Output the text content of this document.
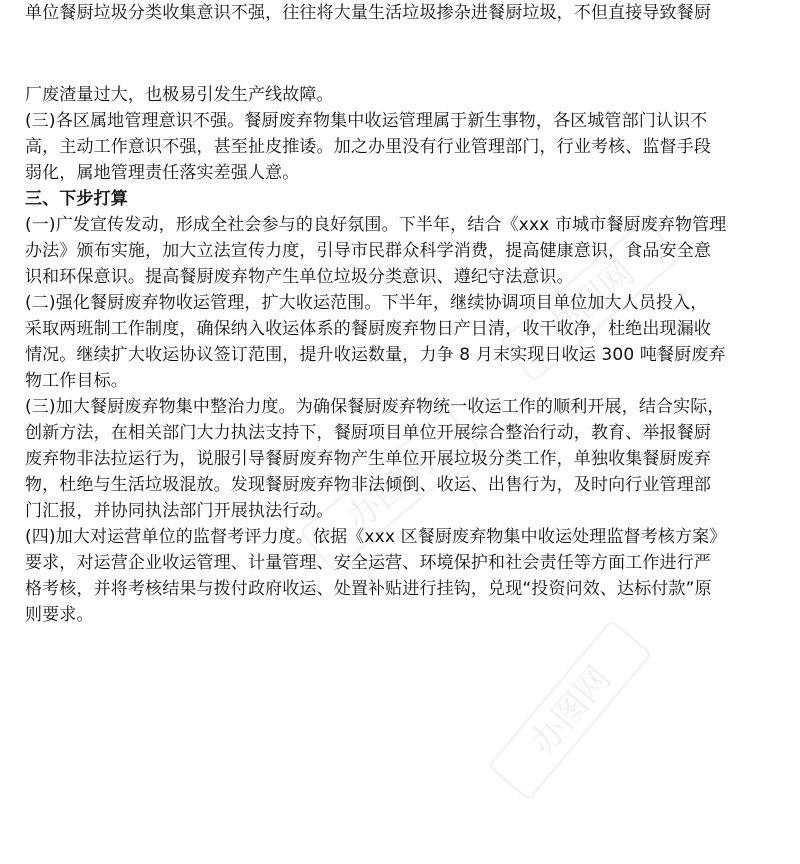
办图网
办图网
办图网
单位餐厨垃圾分类收集意识不强，往往将大量生活垃圾掺杂进餐厨垃圾，不但直接导致餐厨
厂废渣量过大，也极易引发生产线故障。
(三)各区属地管理意识不强。餐厨废弃物集中收运管理属于新生事物，各区城管部门认识不
高，主动工作意识不强，甚至扯皮推诿。加之办里没有行业管理部门，行业考核、监督手段
弱化，属地管理责任落实差强人意。
三、下步打算
(一)广发宣传发动，形成全社会参与的良好氛围。下半年，结合《xxx 市城市餐厨废弃物管理
办法》颁布实施，加大立法宣传力度，引导市民群众科学消费，提高健康意识，食品安全意
识和环保意识。提高餐厨废弃物产生单位垃圾分类意识、遵纪守法意识。
(二)强化餐厨废弃物收运管理，扩大收运范围。下半年，继续协调项目单位加大人员投入，
采取两班制工作制度，确保纳入收运体系的餐厨废弃物日产日清，收干收净，杜绝出现漏收
情况。继续扩大收运协议签订范围，提升收运数量，力争 8 月末实现日收运 300 吨餐厨废弃
物工作目标。
(三)加大餐厨废弃物集中整治力度。为确保餐厨废弃物统一收运工作的顺利开展，结合实际，
创新方法，在相关部门大力执法支持下，餐厨项目单位开展综合整治行动，教育、举报餐厨
废弃物非法拉运行为，说服引导餐厨废弃物产生单位开展垃圾分类工作，单独收集餐厨废弃
物，杜绝与生活垃圾混放。发现餐厨废弃物非法倾倒、收运、出售行为，及时向行业管理部
门汇报，并协同执法部门开展执法行动。
(四)加大对运营单位的监督考评力度。依据《xxx 区餐厨废弃物集中收运处理监督考核方案》
要求，对运营企业收运管理、计量管理、安全运营、环境保护和社会责任等方面工作进行严
格考核，并将考核结果与拨付政府收运、处置补贴进行挂钩，兑现“投资问效、达标付款”原
则要求。
